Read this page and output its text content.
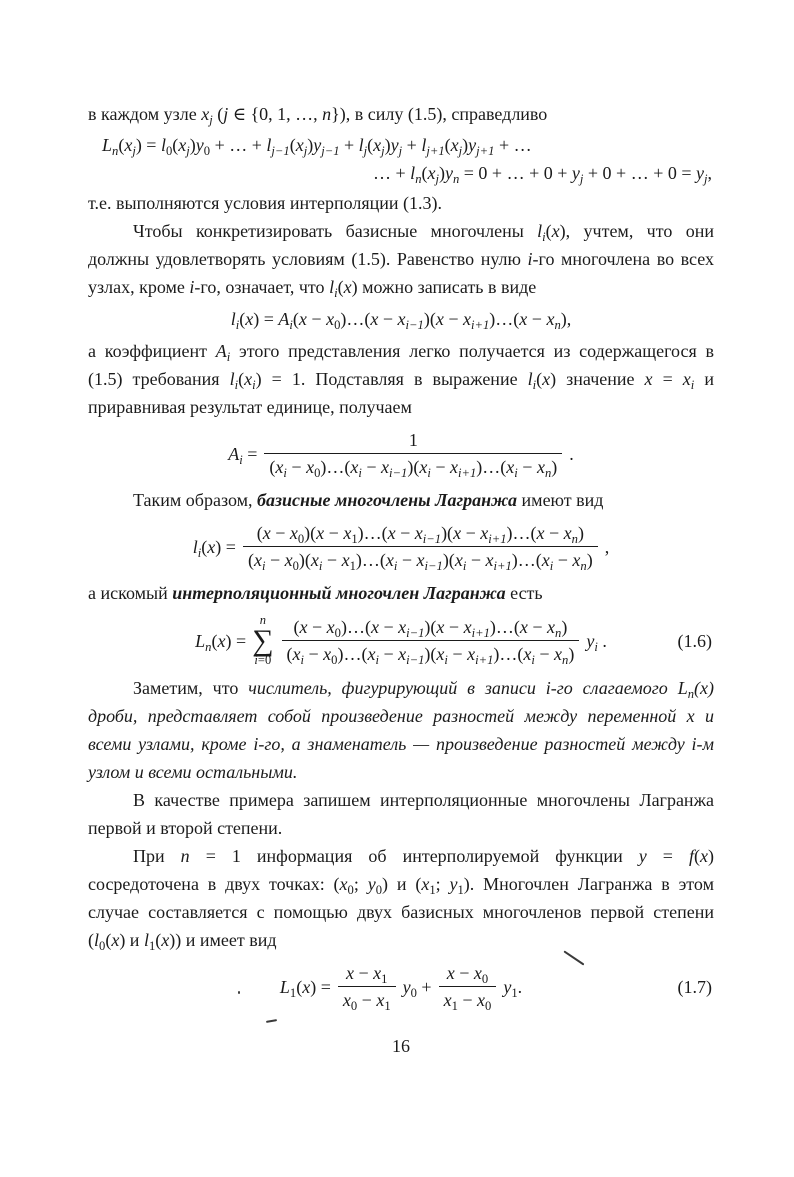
в каждом узле $x_j$ (j ∈ {0, 1, …, n}), в силу (1.5), справедливо

$L_n(x_j) = l_0(x_j)y_0$ + … + $l_{j-1}(x_j)y_{j-1} + l_j(x_j)y_j + l_{j+1}(x_j)y_{j+1}$ + …
… + $l_n(x_j)y_n = 0$ + … + $0 + y_j + 0$ + … + $0 = y_j$,

т.е. выполняются условия интерполяции (1.3).

Чтобы конкретизировать базисные многочлены $l_i(x)$, учтем, что они должны удовлетворять условиям (1.5). Равенство нулю i-го многочлена во всех узлах, кроме i-го, означает, что $l_i(x)$ можно записать в виде

$l_i(x) = A_i(x$ − $x_0)\dots(x - x_{i-1})(x$ − $x_{i+1})\dots(x - x_n)$,

а коэффициент $A_i$ этого представления легко получается из содержащегося в (1.5) требования $l_i(x_i) = 1$. Подставляя в выражение $l_i(x)$ значение $x = x_i$ и приравнивая результат единице, получаем

$A_i = \frac{1}{(x_i - x_0)\dots(x_i - x_{i-1})(x_i - x_{i+1})\dots(x_i - x_n)}$ .

Таким образом, базисные многочлены Лагранжа имеют вид

$l_i(x) = \frac{(x - x_0)(x - x_1)\dots(x - x_{i-1})(x - x_{i+1})\dots(x - x_n)}{(x_i - x_0)(x_i - x_1)\dots(x_i - x_{i-1})(x_i - x_{i+1})\dots(x_i - x_n)}$ ,

а искомый интерполяционный многочлен Лагранжа есть

$L_n(x)$ =
n
∑
$i=0 \frac{(x - x_0)\dots(x - x_{i-1})(x - x_{i+1})\dots(x - x_n)}{(x_i - x_0)\dots(x_i - x_{i-1})(x_i - x_{i+1})\dots(x_i - x_n)} y_i$ .	(1.6)

Заметим, что числитель, фигурирующий в записи i-го слагаемого $L_n(x)$ дроби, представляет собой произведение разностей между переменной x и всеми узлами, кроме i-го, а знаменатель — произведение разностей между i-м узлом и всеми остальными.

В качестве примера запишем интерполяционные многочлены Лагранжа первой и второй степени.

При n = 1 информация об интерполируемой функции y = f(x) сосредоточена в двух точках: ($x_0$; $y_0$) и ($x_1$; $y_1$). Многочлен Лагранжа в этом случае составляется с помощью двух базисных многочленов первой степени ($l_0(x)$ и $l_1(x)$) и имеет вид

$L_1(x) = \frac{x - x_1}{x_0 - x_1} y_0 + \frac{x - x_0}{x_1 - x_0} y_1$.	(1.7)
16
